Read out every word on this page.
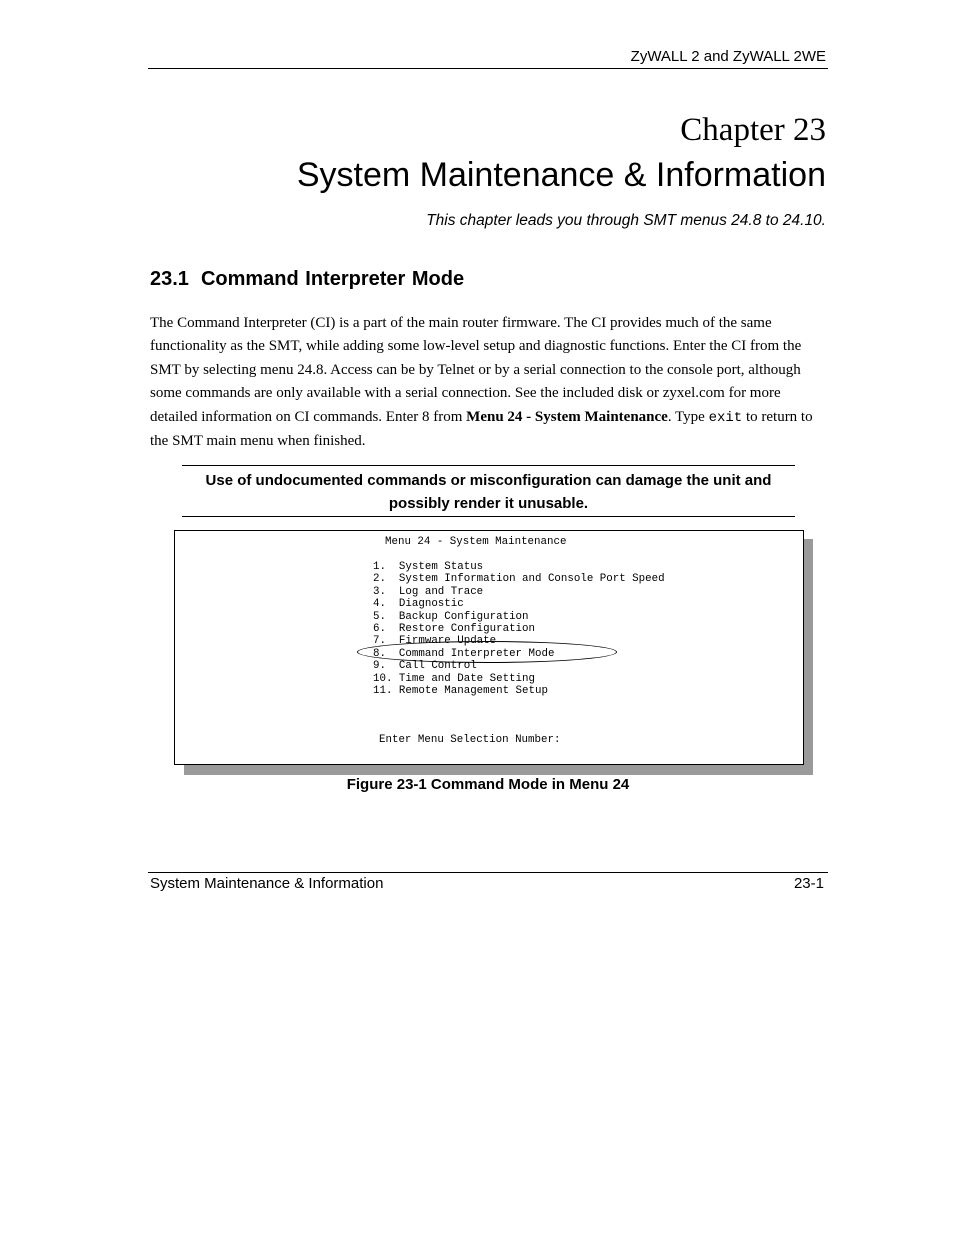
ZyWALL 2 and ZyWALL 2WE
Chapter 23
System Maintenance & Information
This chapter leads you through SMT menus 24.8 to 24.10.
23.1 Command Interpreter Mode
The Command Interpreter (CI) is a part of the main router firmware. The CI provides much of the same functionality as the SMT, while adding some low-level setup and diagnostic functions. Enter the CI from the SMT by selecting menu 24.8. Access can be by Telnet or by a serial connection to the console port, although some commands are only available with a serial connection. See the included disk or zyxel.com for more detailed information on CI commands. Enter 8 from Menu 24 - System Maintenance. Type exit to return to the SMT main menu when finished.
Use of undocumented commands or misconfiguration can damage the unit and possibly render it unusable.
Menu 24 - System Maintenance
1.  System Status
2.  System Information and Console Port Speed
3.  Log and Trace
4.  Diagnostic
5.  Backup Configuration
6.  Restore Configuration
7.  Firmware Update
8.  Command Interpreter Mode
9.  Call Control
10. Time and Date Setting
11. Remote Management Setup
Enter Menu Selection Number:
Figure 23-1 Command Mode in Menu 24
System Maintenance & Information	23-1
